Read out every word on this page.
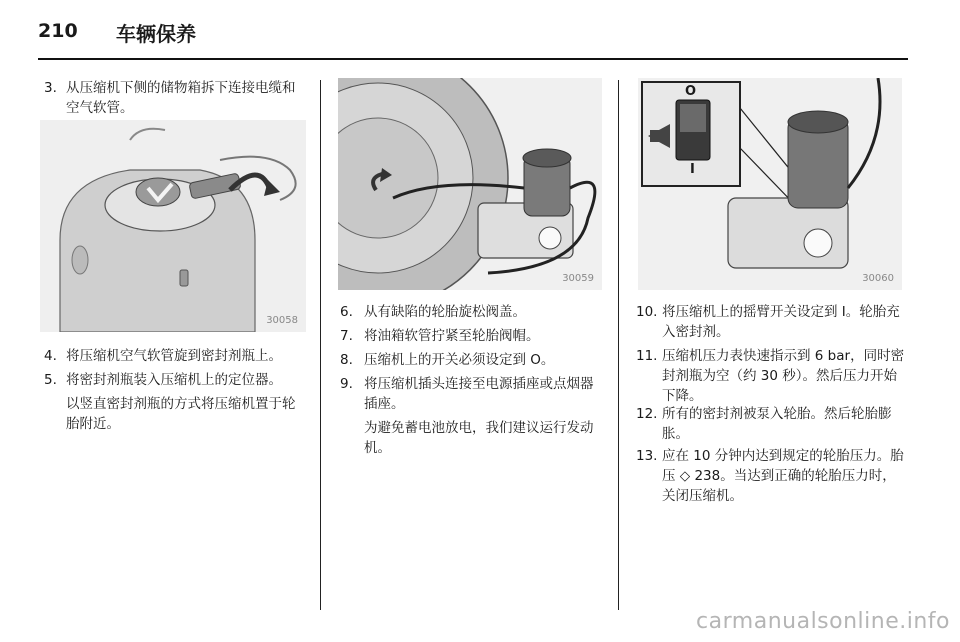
210 车辆保养
3. 从压缩机下侧的储物箱拆下连接电缆和空气软管。
30058
4. 将压缩机空气软管旋到密封剂瓶上。
5. 将密封剂瓶装入压缩机上的定位器。
以竖直密封剂瓶的方式将压缩机置于轮胎附近。
30059
6. 从有缺陷的轮胎旋松阀盖。
7. 将油箱软管拧紧至轮胎阀帽。
8. 压缩机上的开关必须设定到 O。
9. 将压缩机插头连接至电源插座或点烟器插座。
为避免蓄电池放电，我们建议运行发动机。
O
I
30060
10. 将压缩机上的摇臂开关设定到 I。轮胎充入密封剂。
11. 压缩机压力表快速指示到 6 bar，同时密封剂瓶为空（约 30 秒）。然后压力开始下降。
12. 所有的密封剂被泵入轮胎。然后轮胎膨胀。
13. 应在 10 分钟内达到规定的轮胎压力。胎压 ◇ 238。当达到正确的轮胎压力时，关闭压缩机。
carmanualsonline.info
